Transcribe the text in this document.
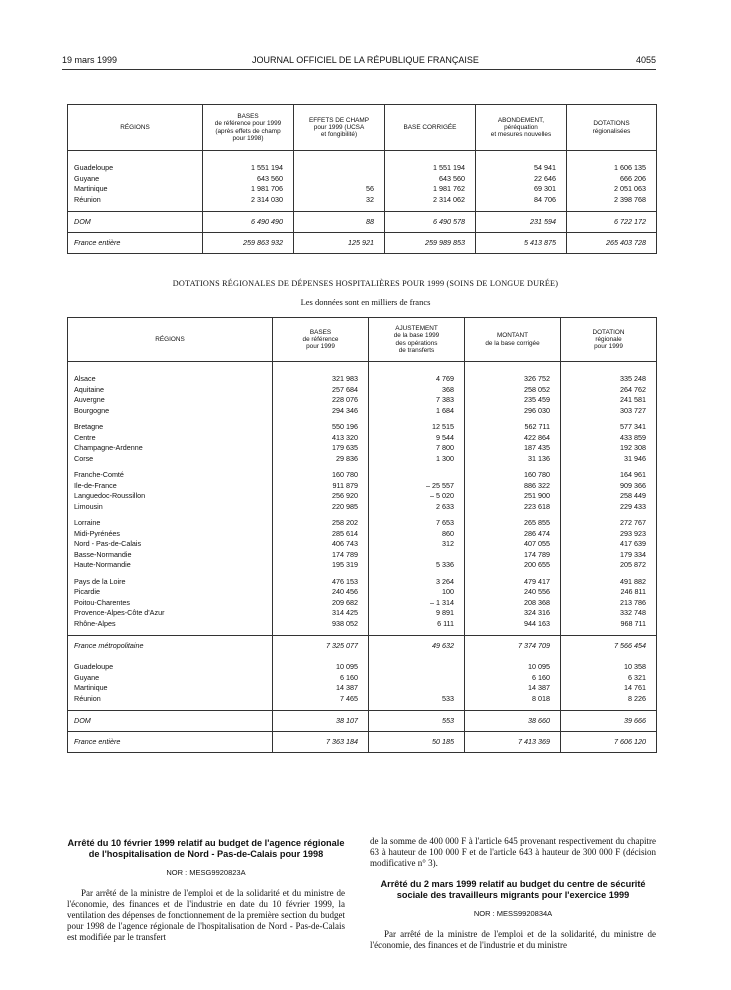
19 mars 1999	JOURNAL OFFICIEL DE LA RÉPUBLIQUE FRANÇAISE	4055
RÉGIONS	BASES
de référence pour 1999
(après effets de champ
pour 1998)	EFFETS DE CHAMP
pour 1999 (UCSA
et fongibilité)	BASE CORRIGÉE	ABONDEMENT,
péréquation
et mesures nouvelles	DOTATIONS
régionalisées

Guadeloupe	1 551 194		1 551 194	54 941	1 606 135
Guyane	643 560		643 560	22 646	666 206
Martinique	1 981 706	56	1 981 762	69 301	2 051 063
Réunion	2 314 030	32	2 314 062	84 706	2 398 768

DOM	6 490 490	88	6 490 578	231 594	6 722 172
France entière	259 863 932	125 921	259 989 853	5 413 875	265 403 728
DOTATIONS RÉGIONALES DE DÉPENSES HOSPITALIÈRES POUR 1999 (SOINS DE LONGUE DURÉE)
Les données sont en milliers de francs
RÉGIONS	BASES
de référence
pour 1999	AJUSTEMENT
de la base 1999
des opérations
de transferts	MONTANT
de la base corrigée	DOTATION
régionale
pour 1999

Alsace	321 983	4 769	326 752	335 248
Aquitaine	257 684	368	258 052	264 762
Auvergne	228 076	7 383	235 459	241 581
Bourgogne	294 346	1 684	296 030	303 727

Bretagne	550 196	12 515	562 711	577 341
Centre	413 320	9 544	422 864	433 859
Champagne-Ardenne	179 635	7 800	187 435	192 308
Corse	29 836	1 300	31 136	31 946

Franche-Comté	160 780		160 780	164 961
Ile-de-France	911 879	– 25 557	886 322	909 366
Languedoc-Roussillon	256 920	– 5 020	251 900	258 449
Limousin	220 985	2 633	223 618	229 433

Lorraine	258 202	7 653	265 855	272 767
Midi-Pyrénées	285 614	860	286 474	293 923
Nord - Pas-de-Calais	406 743	312	407 055	417 639
Basse-Normandie	174 789		174 789	179 334
Haute-Normandie	195 319	5 336	200 655	205 872

Pays de la Loire	476 153	3 264	479 417	491 882
Picardie	240 456	100	240 556	246 811
Poitou-Charentes	209 682	– 1 314	208 368	213 786
Provence-Alpes-Côte d'Azur	314 425	9 891	324 316	332 748
Rhône-Alpes	938 052	6 111	944 163	968 711

France métropolitaine	7 325 077	49 632	7 374 709	7 566 454

Guadeloupe	10 095		10 095	10 358
Guyane	6 160		6 160	6 321
Martinique	14 387		14 387	14 761
Réunion	7 465	533	8 018	8 226

DOM	38 107	553	38 660	39 666
France entière	7 363 184	50 185	7 413 369	7 606 120
Arrêté du 10 février 1999 relatif au budget de l'agence régionale de l'hospitalisation de Nord - Pas-de-Calais pour 1998
NOR : MESG9920823A

Par arrêté de la ministre de l'emploi et de la solidarité et du ministre de l'économie, des finances et de l'industrie en date du 10 février 1999, la ventilation des dépenses de fonctionnement de la première section du budget pour 1998 de l'agence régionale de l'hospitalisation de Nord - Pas-de-Calais est modifiée par le transfert

de la somme de 400 000 F à l'article 645 provenant respectivement du chapitre 63 à hauteur de 100 000 F et de l'article 643 à hauteur de 300 000 F (décision modificative n° 3).

Arrêté du 2 mars 1999 relatif au budget du centre de sécurité sociale des travailleurs migrants pour l'exercice 1999
NOR : MESS9920834A

Par arrêté de la ministre de l'emploi et de la solidarité, du ministre de l'économie, des finances et de l'industrie et du ministre
